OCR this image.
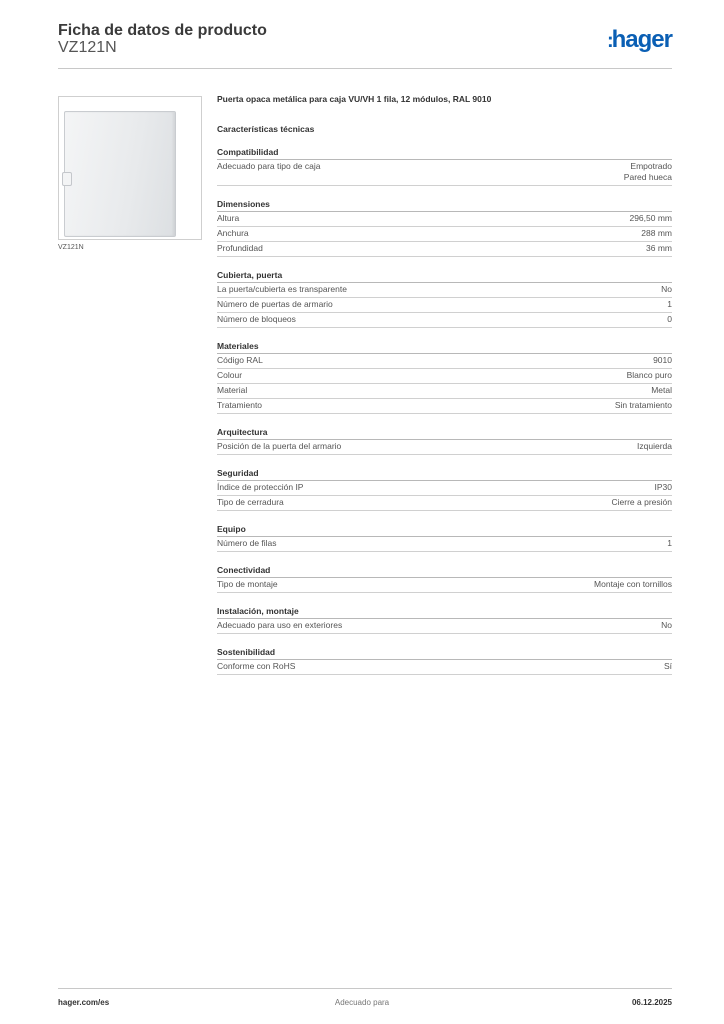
Ficha de datos de producto
VZ121N	:hager
VZ121N
Puerta opaca metálica para caja VU/VH 1 fila, 12 módulos, RAL 9010
Características técnicas
Compatibilidad
Adecuado para tipo de caja	Empotrado
Pared hueca
Dimensiones
Altura	296,50 mm
Anchura	288 mm
Profundidad	36 mm
Cubierta, puerta
La puerta/cubierta es transparente	No
Número de puertas de armario	1
Número de bloqueos	0
Materiales
Código RAL	9010
Colour	Blanco puro
Material	Metal
Tratamiento	Sin tratamiento
Arquitectura
Posición de la puerta del armario	Izquierda
Seguridad
Índice de protección IP	IP30
Tipo de cerradura	Cierre a presión
Equipo
Número de filas	1
Conectividad
Tipo de montaje	Montaje con tornillos
Instalación, montaje
Adecuado para uso en exteriores	No
Sostenibilidad
Conforme con RoHS	Sí
hager.com/es	Adecuado para	06.12.2025
